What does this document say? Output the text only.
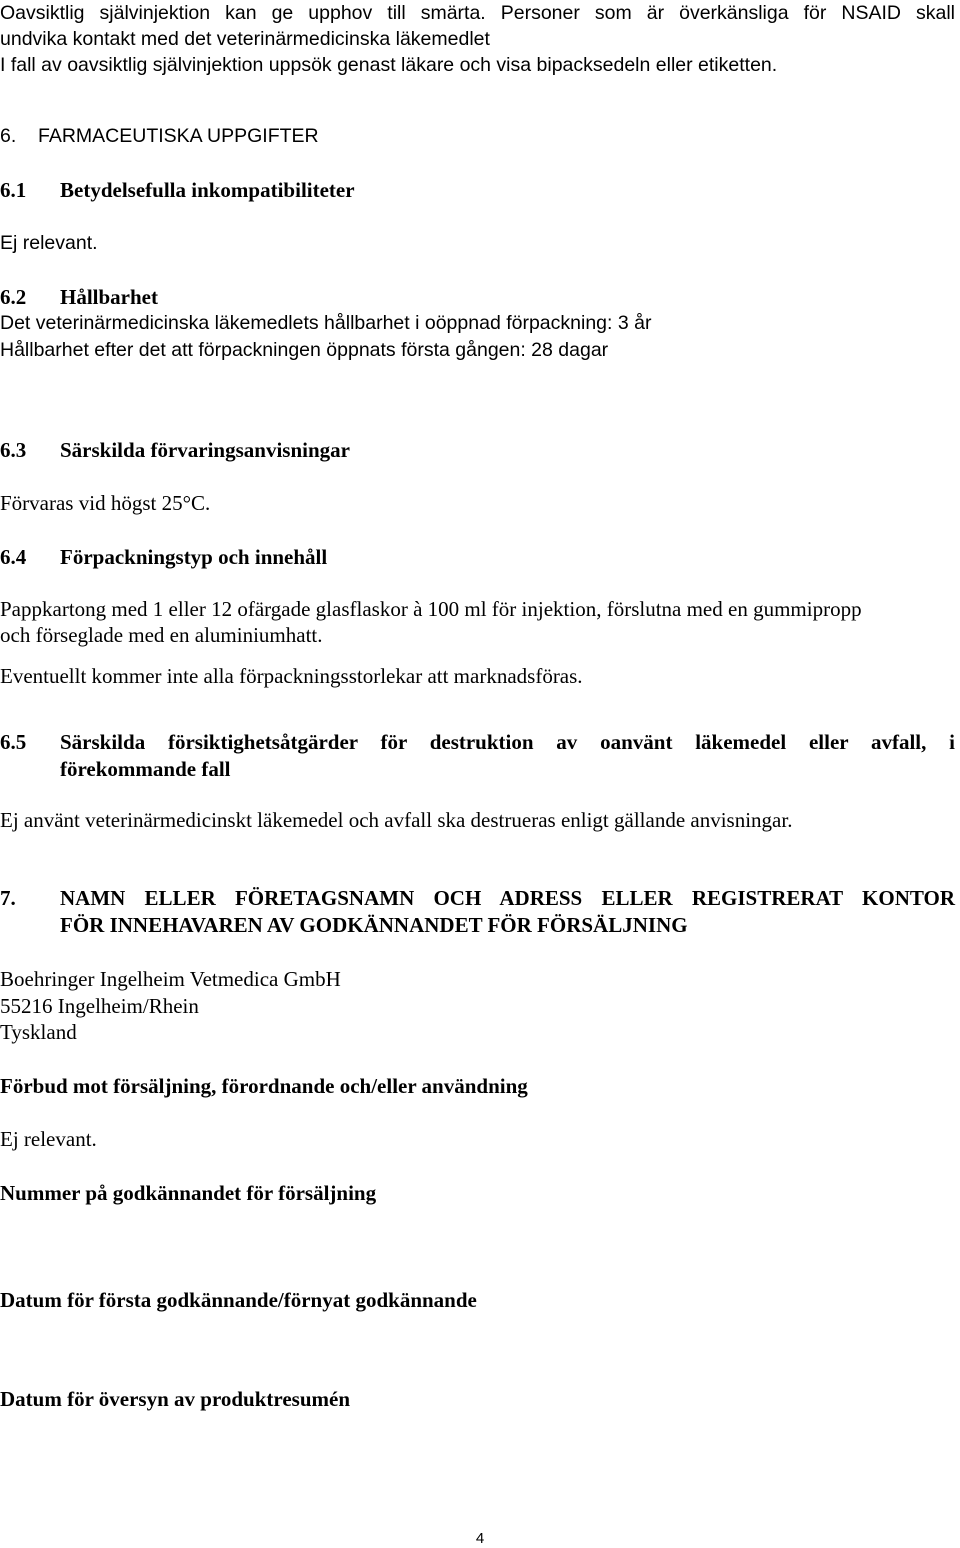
Oavsiktlig självinjektion kan ge upphov till smärta. Personer som är överkänsliga för NSAID skall
undvika kontakt med det veterinärmedicinska läkemedlet
I fall av oavsiktlig självinjektion uppsök genast läkare och visa bipacksedeln eller etiketten.
6. FARMACEUTISKA UPPGIFTER
6.1 Betydelsefulla inkompatibiliteter
Ej relevant.
6.2 Hållbarhet
Det veterinärmedicinska läkemedlets hållbarhet i oöppnad förpackning: 3 år
Hållbarhet efter det att förpackningen öppnats första gången: 28 dagar
6.3 Särskilda förvaringsanvisningar
Förvaras vid högst 25°C.
6.4 Förpackningstyp och innehåll
Pappkartong med 1 eller 12 ofärgade glasflaskor à 100 ml för injektion, förslutna med en gummipropp
och förseglade med en aluminiumhatt.
Eventuellt kommer inte alla förpackningsstorlekar att marknadsföras.
6.5	Särskilda försiktighetsåtgärder för destruktion av oanvänt läkemedel eller avfall, i
förekommande fall
Ej använt veterinärmedicinskt läkemedel och avfall ska destrueras enligt gällande anvisningar.
7.	NAMN ELLER FÖRETAGSNAMN OCH ADRESS ELLER REGISTRERAT KONTOR
FÖR INNEHAVAREN AV GODKÄNNANDET FÖR FÖRSÄLJNING
Boehringer Ingelheim Vetmedica GmbH
55216 Ingelheim/Rhein
Tyskland
Förbud mot försäljning, förordnande och/eller användning
Ej relevant.
Nummer på godkännandet för försäljning
Datum för första godkännande/förnyat godkännande
Datum för översyn av produktresumén
4
